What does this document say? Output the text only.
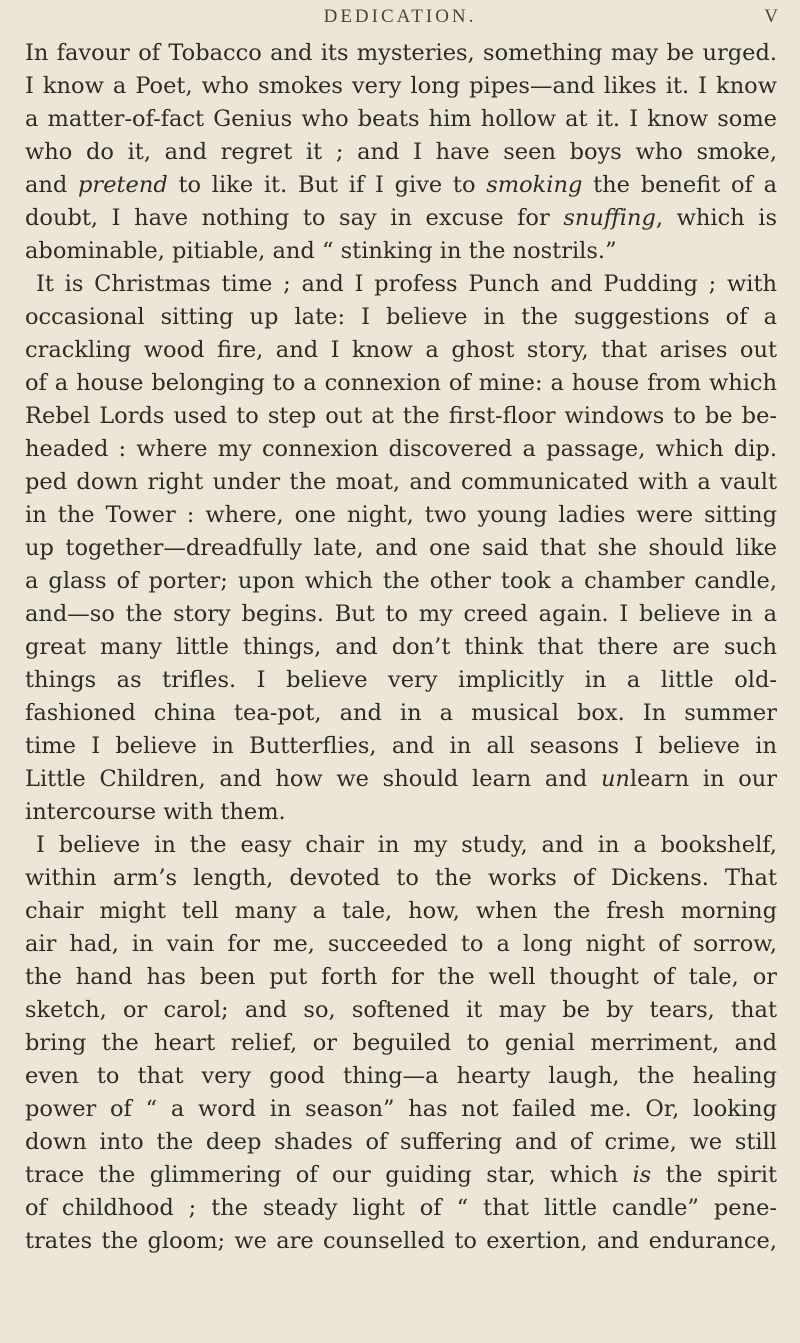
DEDICATION.	V
In favour of Tobacco and its mysteries, something may be urged.
I know a Poet, who smokes very long pipes—and likes it. I know
a matter-of-fact Genius who beats him hollow at it. I know some
who do it, and regret it ; and I have seen boys who smoke,
and pretend to like it. But if I give to smoking the benefit of a
doubt, I have nothing to say in excuse for snuffing, which is
abominable, pitiable, and “ stinking in the nostrils.”
It is Christmas time ; and I profess Punch and Pudding ; with
occasional sitting up late: I believe in the suggestions of a
crackling wood fire, and I know a ghost story, that arises out
of a house belonging to a connexion of mine: a house from which
Rebel Lords used to step out at the first-floor windows to be be-
headed : where my connexion discovered a passage, which dip.
ped down right under the moat, and communicated with a vault
in the Tower : where, one night, two young ladies were sitting
up together—dreadfully late, and one said that she should like
a glass of porter; upon which the other took a chamber candle,
and—so the story begins. But to my creed again. I believe in a
great many little things, and don’t think that there are such
things as trifles. I believe very implicitly in a little old-
fashioned china tea-pot, and in a musical box. In summer
time I believe in Butterflies, and in all seasons I believe in
Little Children, and how we should learn and unlearn in our
intercourse with them.
I believe in the easy chair in my study, and in a bookshelf,
within arm’s length, devoted to the works of Dickens. That
chair might tell many a tale, how, when the fresh morning
air had, in vain for me, succeeded to a long night of sorrow,
the hand has been put forth for the well thought of tale, or
sketch, or carol; and so, softened it may be by tears, that
bring the heart relief, or beguiled to genial merriment, and
even to that very good thing—a hearty laugh, the healing
power of “ a word in season” has not failed me. Or, looking
down into the deep shades of suffering and of crime, we still
trace the glimmering of our guiding star, which is the spirit
of childhood ; the steady light of “ that little candle” pene-
trates the gloom; we are counselled to exertion, and endurance,
